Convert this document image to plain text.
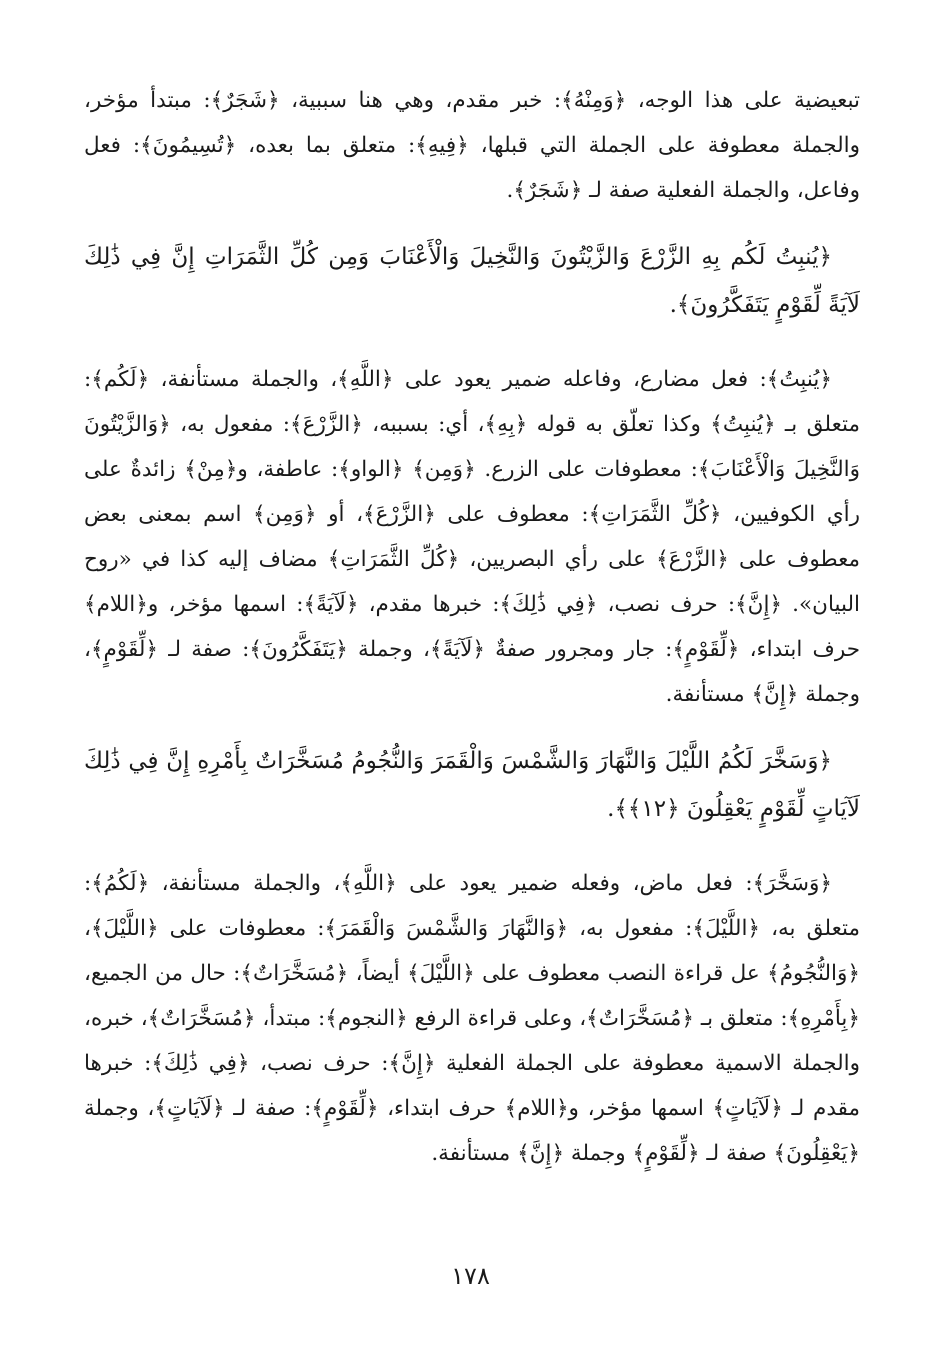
تبعيضية على هذا الوجه، ﴿وَمِنْهُ﴾: خبر مقدم، وهي هنا سببية، ﴿شَجَرٌ﴾: مبتدأ مؤخر، والجملة معطوفة على الجملة التي قبلها، ﴿فِيهِ﴾: متعلق بما بعده، ﴿تُسِيمُونَ﴾: فعل وفاعل، والجملة الفعلية صفة لـ ﴿شَجَرٌ﴾.

﴿يُنبِتُ لَكُم بِهِ الزَّرْعَ وَالزَّيْتُونَ وَالنَّخِيلَ وَالْأَعْنَابَ وَمِن كُلِّ الثَّمَرَاتِ إِنَّ فِي ذَٰلِكَ لَآيَةً لِّقَوْمٍ يَتَفَكَّرُونَ﴾.

﴿يُنبِتُ﴾: فعل مضارع، وفاعله ضمير يعود على ﴿اللَّهِ﴾، والجملة مستأنفة، ﴿لَكُم﴾: متعلق بـ ﴿يُنبِتُ﴾ وكذا تعلّق به قوله ﴿بِهِ﴾، أي: بسببه، ﴿الزَّرْعَ﴾: مفعول به، ﴿وَالزَّيْتُونَ وَالنَّخِيلَ وَالْأَعْنَابَ﴾: معطوفات على الزرع. ﴿وَمِن﴾ ﴿الواو﴾: عاطفة، و﴿مِنْ﴾ زائدةٌ على رأي الكوفيين، ﴿كُلِّ الثَّمَرَاتِ﴾: معطوف على ﴿الزَّرْعَ﴾، أو ﴿وَمِن﴾ اسم بمعنى بعض معطوف على ﴿الزَّرْعَ﴾ على رأي البصريين، ﴿كُلِّ الثَّمَرَاتِ﴾ مضاف إليه كذا في «روح البيان». ﴿إِنَّ﴾: حرف نصب، ﴿فِي ذَٰلِكَ﴾: خبرها مقدم، ﴿لَآيَةً﴾: اسمها مؤخر، و﴿اللام﴾ حرف ابتداء، ﴿لِّقَوْمٍ﴾: جار ومجرور صفةٌ ﴿لَآيَةً﴾، وجملة ﴿يَتَفَكَّرُونَ﴾: صفة لـ ﴿لِّقَوْمٍ﴾، وجملة ﴿إِنَّ﴾ مستأنفة.

﴿وَسَخَّرَ لَكُمُ اللَّيْلَ وَالنَّهَارَ وَالشَّمْسَ وَالْقَمَرَ وَالنُّجُومُ مُسَخَّرَاتٌ بِأَمْرِهِ إِنَّ فِي ذَٰلِكَ لَآيَاتٍ لِّقَوْمٍ يَعْقِلُونَ ﴿١٢﴾﴾.

﴿وَسَخَّرَ﴾: فعل ماض، وفعله ضمير يعود على ﴿اللَّهِ﴾، والجملة مستأنفة، ﴿لَكُمُ﴾: متعلق به، ﴿اللَّيْلَ﴾: مفعول به، ﴿وَالنَّهَارَ وَالشَّمْسَ وَالْقَمَرَ﴾: معطوفات على ﴿اللَّيْلَ﴾، ﴿وَالنُّجُومُ﴾ عل قراءة النصب معطوف على ﴿اللَّيْلَ﴾ أيضاً، ﴿مُسَخَّرَاتٌ﴾: حال من الجميع، ﴿بِأَمْرِهِ﴾: متعلق بـ ﴿مُسَخَّرَاتٌ﴾، وعلى قراءة الرفع ﴿النجوم﴾: مبتدأ، ﴿مُسَخَّرَاتٌ﴾، خبره، والجملة الاسمية معطوفة على الجملة الفعلية ﴿إِنَّ﴾: حرف نصب، ﴿فِي ذَٰلِكَ﴾: خبرها مقدم لـ ﴿لَآيَاتٍ﴾ اسمها مؤخر، و﴿اللام﴾ حرف ابتداء، ﴿لِّقَوْمٍ﴾: صفة لـ ﴿لَآيَاتٍ﴾، وجملة ﴿يَعْقِلُونَ﴾ صفة لـ ﴿لِّقَوْمٍ﴾ وجملة ﴿إِنَّ﴾ مستأنفة.

١٧٨
